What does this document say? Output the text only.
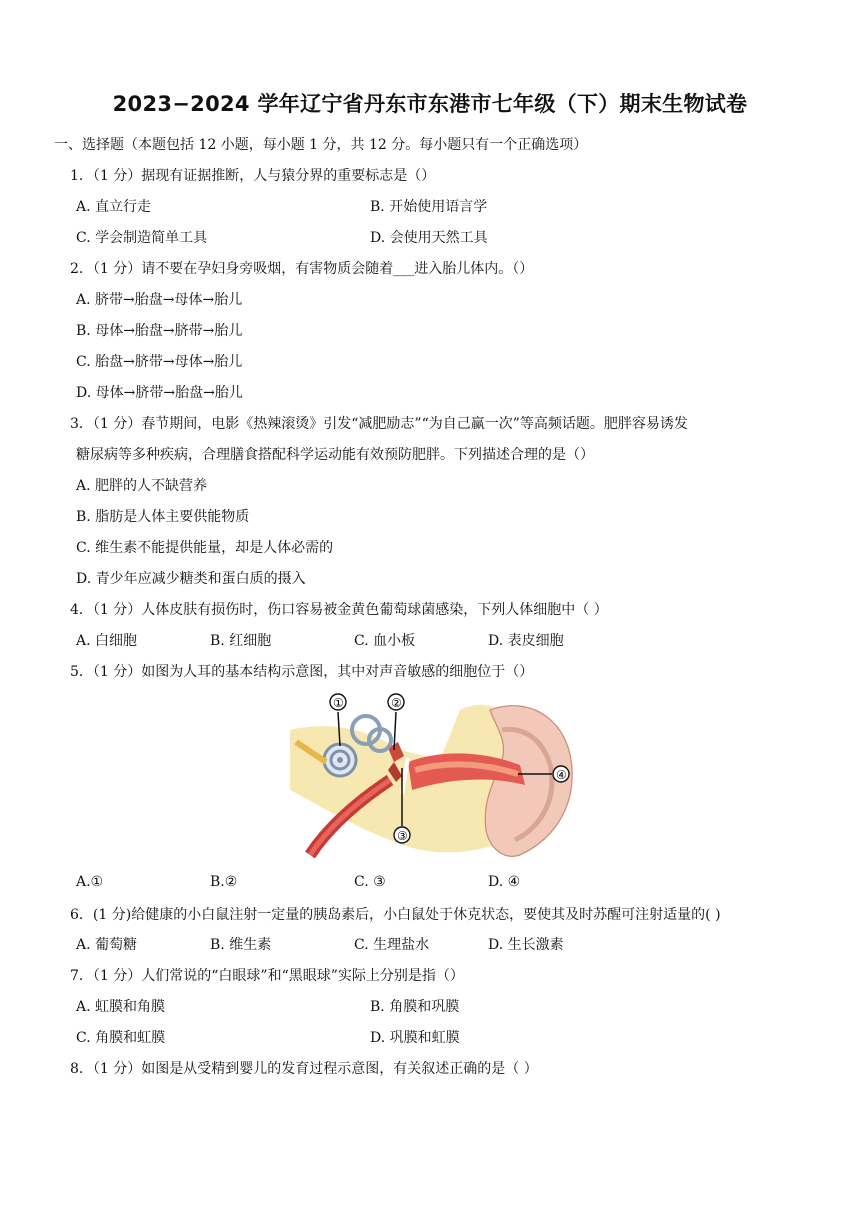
2023−2024 学年辽宁省丹东市东港市七年级（下）期末生物试卷
一、选择题（本题包括 12 小题，每小题 1 分，共 12 分。每小题只有一个正确选项）
1．（1 分）据现有证据推断，人与猿分界的重要标志是（）
A. 直立行走	B. 开始使用语言学
C. 学会制造简单工具	D. 会使用天然工具
2．（1 分）请不要在孕妇身旁吸烟，有害物质会随着___进入胎儿体内。（）
A. 脐带→胎盘→母体→胎儿
B. 母体→胎盘→脐带→胎儿
C. 胎盘→脐带→母体→胎儿
D. 母体→脐带→胎盘→胎儿
3．（1 分）春节期间，电影《热辣滚烫》引发“减肥励志”“为自己赢一次”等高频话题。肥胖容易诱发
糖尿病等多种疾病，合理膳食搭配科学运动能有效预防肥胖。下列描述合理的是（）
A. 肥胖的人不缺营养
B. 脂肪是人体主要供能物质
C. 维生素不能提供能量，却是人体必需的
D. 青少年应减少糖类和蛋白质的摄入
4．（1 分）人体皮肤有损伤时，伤口容易被金黄色葡萄球菌感染，下列人体细胞中（ ）
A. 白细胞	B. 红细胞	C. 血小板	D. 表皮细胞
5．（1 分）如图为人耳的基本结构示意图，其中对声音敏感的细胞位于（）
①	②
③
④
A.①	B.②	C. ③	D. ④
6．(1 分)给健康的小白鼠注射一定量的胰岛素后，小白鼠处于休克状态，要使其及时苏醒可注射适量的( )
A. 葡萄糖	B. 维生素	C. 生理盐水	D. 生长激素
7．（1 分）人们常说的“白眼球”和“黑眼球”实际上分别是指（）
A. 虹膜和角膜	B. 角膜和巩膜
C. 角膜和虹膜	D. 巩膜和虹膜
8．（1 分）如图是从受精到婴儿的发育过程示意图，有关叙述正确的是（ ）
